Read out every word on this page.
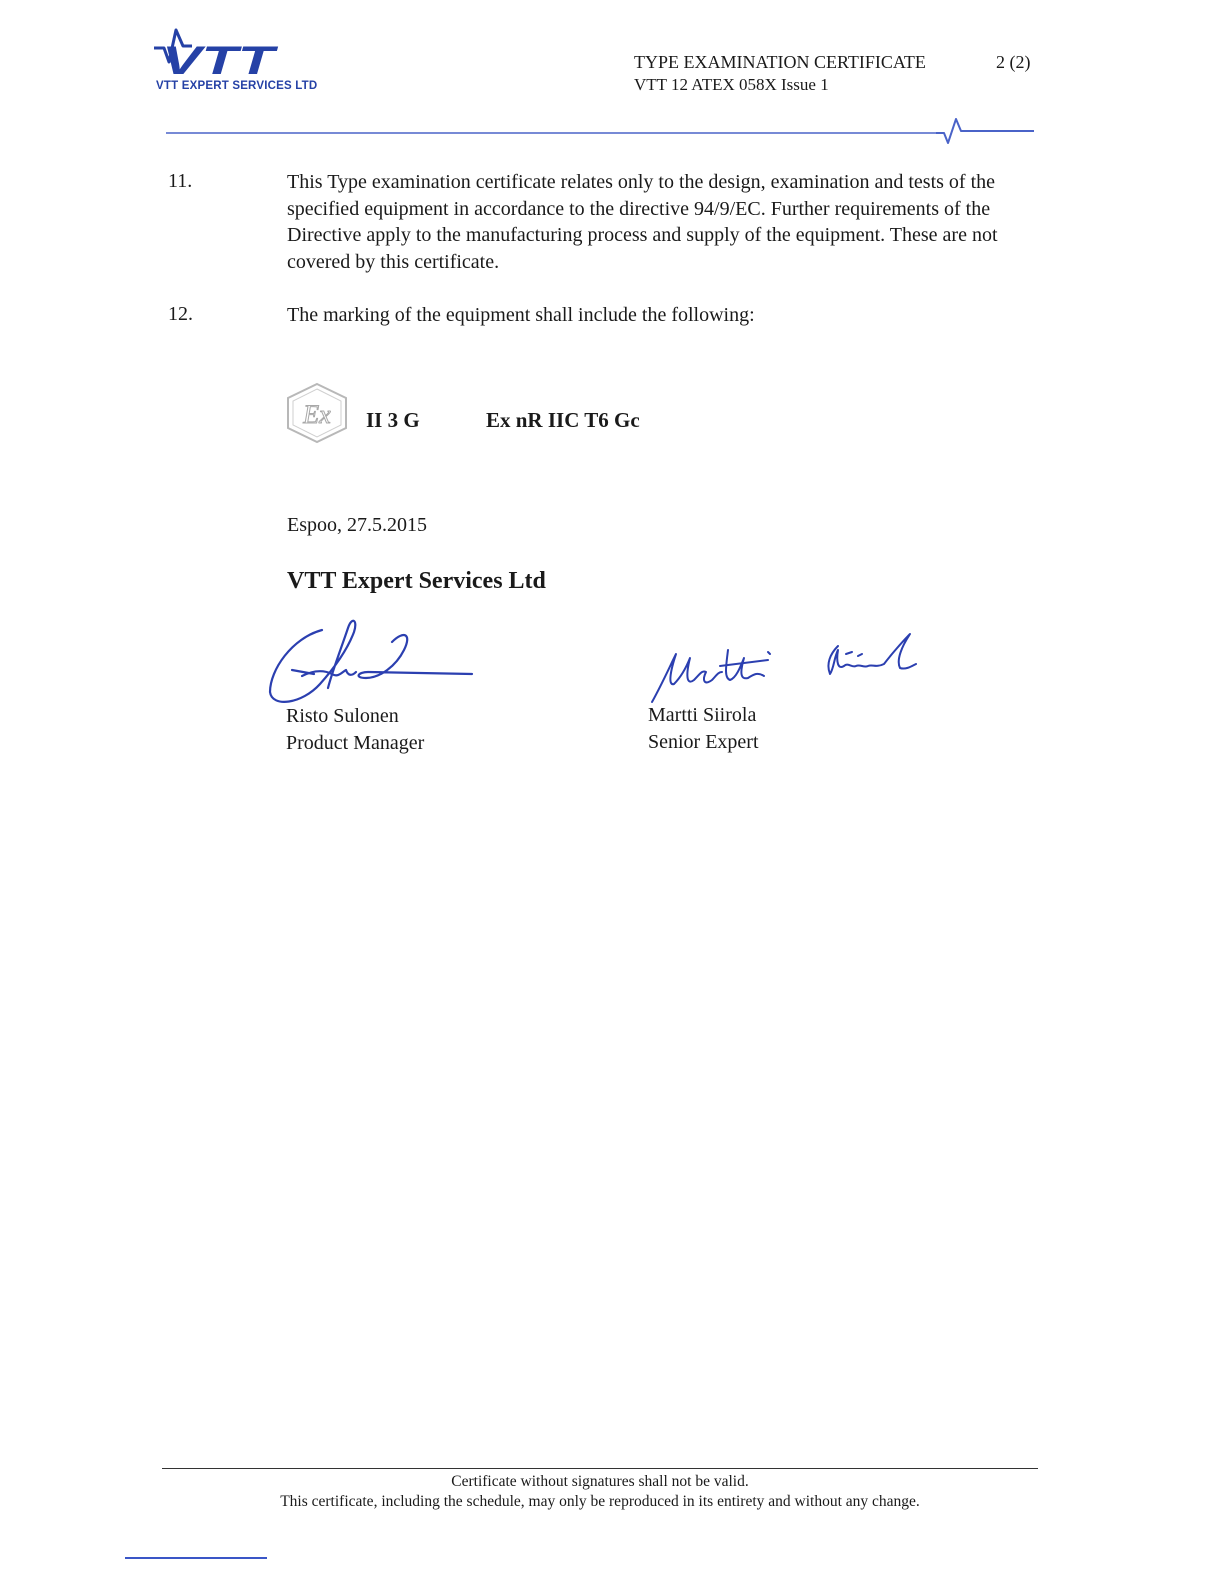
VTT
VTT EXPERT SERVICES LTD
TYPE EXAMINATION CERTIFICATE
VTT 12 ATEX 058X Issue 1
2 (2)
11.	This Type examination certificate relates only to the design, examination and tests of the specified equipment in accordance to the directive 94/9/EC. Further requirements of the Directive apply to the manufacturing process and supply of the equipment. These are not covered by this certificate.
12.	The marking of the equipment shall include the following:
Ex II 3 G	Ex nR IIC T6 Gc
Espoo, 27.5.2015
VTT Expert Services Ltd
Risto Sulonen
Product Manager
Martti Siirola
Senior Expert
Certificate without signatures shall not be valid.
This certificate, including the schedule, may only be reproduced in its entirety and without any change.
